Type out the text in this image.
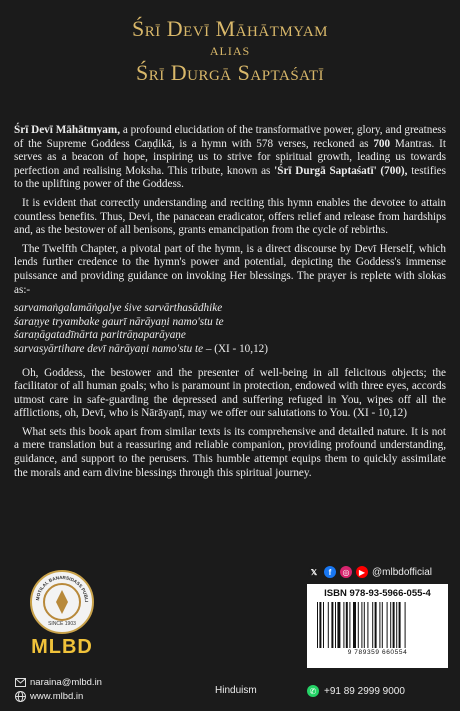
Śrī Devī Māhātmyam
ALIAS
Śrī Durgā Saptaśatī

Śrī Devī Māhātmyam, a profound elucidation of the transformative power, glory, and greatness of the Supreme Goddess Caṇḍikā, is a hymn with 578 verses, reckoned as 700 Mantras. It serves as a beacon of hope, inspiring us to strive for spiritual growth, leading us towards perfection and realising Moksha. This tribute, known as 'Śrī Durgā Saptaśatī' (700), testifies to the uplifting power of the Goddess.

It is evident that correctly understanding and reciting this hymn enables the devotee to attain countless benefits. Thus, Devi, the panacean eradicator, offers relief and release from hardships and, as the bestower of all benisons, grants emancipation from the cycle of rebirths.

The Twelfth Chapter, a pivotal part of the hymn, is a direct discourse by Devī Herself, which lends further credence to the hymn's power and potential, depicting the Goddess's immense puissance and providing guidance on invoking Her blessings. The prayer is replete with slokas as:-

sarvamaṅgalamāṅgalye śive sarvārthasādhike
śaraṇye tryambake gaurī nārāyaṇi namo'stu te
śaraṇāgatadīnārta paritrāṇaparāyaṇe
sarvasyārtihare devī nārāyaṇi namo'stu te – (XI - 10,12)

Oh, Goddess, the bestower and the presenter of well-being in all felicitous objects; the facilitator of all human goals; who is paramount in protection, endowed with three eyes, accords utmost care in safe-guarding the depressed and suffering refuged in You, wipes off all the afflictions, oh, Devī, who is Nārāyaṇī, may we offer our salutations to You. (XI - 10,12)

What sets this book apart from similar texts is its comprehensive and detailed nature. It is not a mere translation but a reassuring and reliable companion, providing profound understanding, guidance, and support to the perusers. This humble attempt equips them to quickly assimilate the morals and earn divine blessings through this spiritual journey.

MOTILAL BANARSIDASS PUBLI
SINCE 1903
MLBD
naraina@mlbd.in
www.mlbd.in	Hinduism
𝕏	f	◎	▶ @mlbdofficial
ISBN 978-93-5966-055-4
9 789359 660554
✆ +91 89 2999 9000
